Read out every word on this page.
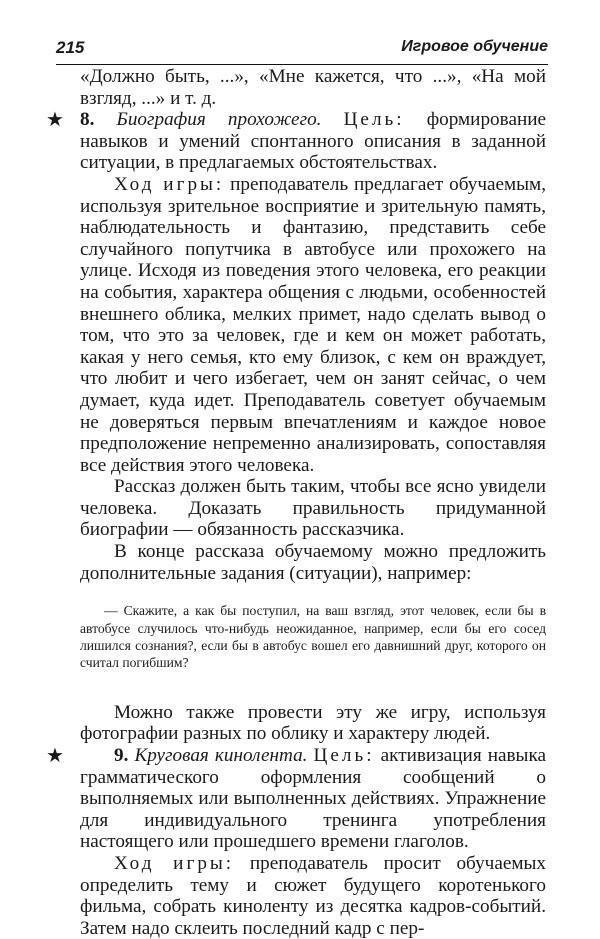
215	Игровое обучение

«Должно быть, ...», «Мне кажется, что ...», «На мой взгляд, ...» и т. д.

★ 8. Биография прохожего. Цель: формирование навыков и умений спонтанного описания в заданной ситуации, в предлагаемых обстоятельствах.

Ход игры: преподаватель предлагает обучаемым, используя зрительное восприятие и зрительную память, наблюдательность и фантазию, представить себе случайного попутчика в автобусе или прохожего на улице. Исходя из поведения этого человека, его реакции на события, характера общения с людьми, особенностей внешнего облика, мелких примет, надо сделать вывод о том, что это за человек, где и кем он может работать, какая у него семья, кто ему близок, с кем он враждует, что любит и чего избегает, чем он занят сейчас, о чем думает, куда идет. Преподаватель советует обучаемым не доверяться первым впечатлениям и каждое новое предположение непременно анализировать, сопоставляя все действия этого человека.

Рассказ должен быть таким, чтобы все ясно увидели человека. Доказать правильность придуманной биографии — обязанность рассказчика.

В конце рассказа обучаемому можно предложить дополнительные задания (ситуации), например:

— Скажите, а как бы поступил, на ваш взгляд, этот человек, если бы в автобусе случилось что-нибудь неожиданное, например, если бы его сосед лишился сознания?, если бы в автобус вошел его давнишний друг, которого он считал погибшим?

Можно также провести эту же игру, используя фотографии разных по облику и характеру людей.

★	9. Круговая кинолента. Цель: активизация навыка грамматического оформления сообщений о выполняемых или выполненных действиях. Упражнение для индивидуального тренинга употребления настоящего или прошедшего времени глаголов.

Ход игры: преподаватель просит обучаемых определить тему и сюжет будущего коротенького фильма, собрать киноленту из десятка кадров-событий. Затем надо склеить последний кадр с пер-
